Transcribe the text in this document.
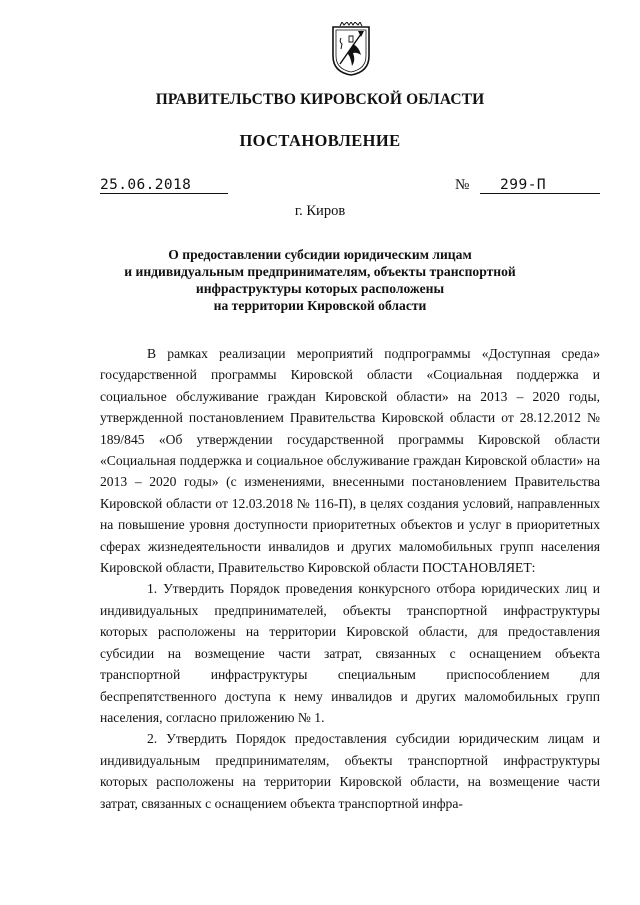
ПРАВИТЕЛЬСТВО КИРОВСКОЙ ОБЛАСТИ
ПОСТАНОВЛЕНИЕ
25.06.2018	№ 299-П
г. Киров
О предоставлении субсидии юридическим лицам
и индивидуальным предпринимателям, объекты транспортной
инфраструктуры которых расположены
на территории Кировской области

В рамках реализации мероприятий подпрограммы «Доступная среда» государственной программы Кировской области «Социальная поддержка и социальное обслуживание граждан Кировской области» на 2013 – 2020 годы, утвержденной постановлением Правительства Кировской области от 28.12.2012 № 189/845 «Об утверждении государственной программы Кировской области «Социальная поддержка и социальное обслуживание граждан Кировской области» на 2013 – 2020 годы» (с изменениями, внесенными постановлением Правительства Кировской области от 12.03.2018 № 116-П), в целях создания условий, направленных на повышение уровня доступности приоритетных объектов и услуг в приоритетных сферах жизнедеятельности инвалидов и других маломобильных групп населения Кировской области, Правительство Кировской области ПОСТАНОВЛЯЕТ:

1. Утвердить Порядок проведения конкурсного отбора юридических лиц и индивидуальных предпринимателей, объекты транспортной инфраструктуры которых расположены на территории Кировской области, для предоставления субсидии на возмещение части затрат, связанных с оснащением объекта транспортной инфраструктуры специальным приспособлением для беспрепятственного доступа к нему инвалидов и других маломобильных групп населения, согласно приложению № 1.

2. Утвердить Порядок предоставления субсидии юридическим лицам и индивидуальным предпринимателям, объекты транспортной инфраструктуры которых расположены на территории Кировской области, на возмещение части затрат, связанных с оснащением объекта транспортной инфра-
